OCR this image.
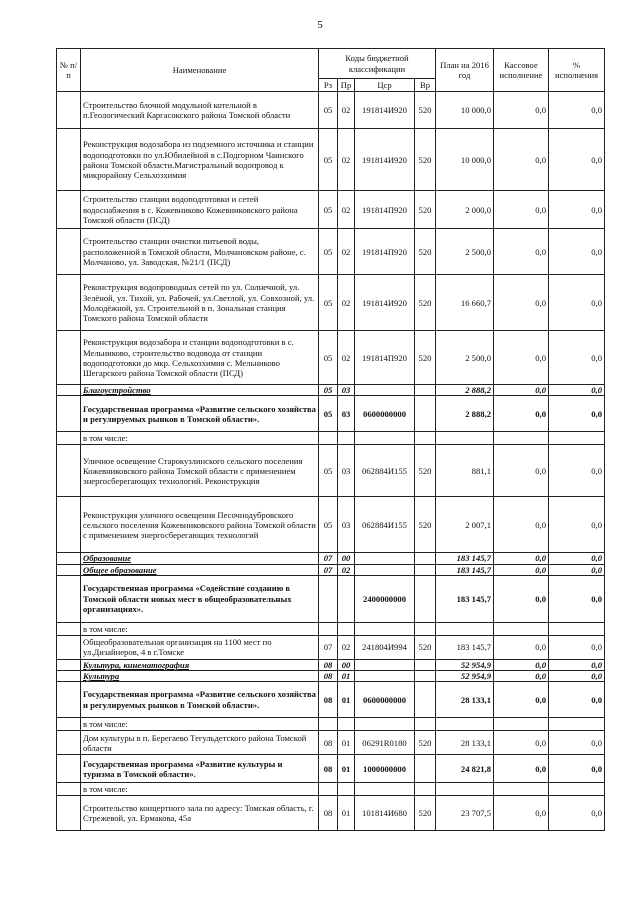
5
№ п/п	Наименование	Коды бюджетной классификации				План на 2016 год	Кассовое исполнение	% исполнения
		Рз	Пр	Цср	Вр			
	Строительство блочной модульной котельной в п.Геологический Каргасокского района Томской области	05	02	191814И920	520	10 000,0	0,0	0,0
	Реконструкция водозабора из подземного источника и станции водоподготовки по ул.Юбилейной в с.Подгорном Чаинского района Томской области.Магистральный водопровод к микрорайону Сельхозхимия	05	02	191814И920	520	10 000,0	0,0	0,0
	Строительство станции водоподготовки и сетей водоснабжения в с. Кожевниково Кожевниковского района Томской области (ПСД)	05	02	191814П920	520	2 000,0	0,0	0,0
	Строительство станции очистки питьевой воды, расположенной в Томской области, Молчановском районе, с. Молчаново, ул. Заводская, №21/1 (ПСД)	05	02	191814П920	520	2 500,0	0,0	0,0
	Реконструкция водопроводных сетей по ул. Солнечной, ул. Зелёной, ул. Тихой, ул. Рабочей, ул.Светлой, ул. Совхозной, ул. Молодёжной, ул. Строительной в п. Зональная станция Томского района Томской области	05	02	191814И920	520	16 660,7	0,0	0,0
	Реконструкция водозабора и станции водоподготовки в с. Мельниково, строительство водовода от станции водоподготовки до мкр. Сельхозхимия с. Мельниково Шегарского района Томской области (ПСД)	05	02	191814П920	520	2 500,0	0,0	0,0
	Благоустройство	05	03			2 888,2	0,0	0,0
	Государственная программа «Развитие сельского хозяйства и регулируемых рынков в Томской области».	05	03	0600000000		2 888,2	0,0	0,0
	в том числе:							
	Уличное освещение Старокузлинского сельского поселения Кожевниковского района Томской области с применением энергосберегающих технологий. Реконструкция	05	03	062884И155	520	881,1	0,0	0,0
	Реконструкция уличного освещения Песочнодубровского сельского поселения Кожевниковского района Томской области с применением энергосберегающих технологий	05	03	062884И155	520	2 007,1	0,0	0,0
	Образование	07	00			183 145,7	0,0	0,0
	Общее образование	07	02			183 145,7	0,0	0,0
	Государственная программа «Содействие созданию в Томской области новых мест в общеобразовательных организациях».			2400000000		183 145,7	0,0	0,0
	в том числе:							
	Общеобразовательная организация на 1100 мест по ул.Дизайнеров, 4 в г.Томске	07	02	241804И994	520	183 145,7	0,0	0,0
	Культура, кинематография	08	00			52 954,9	0,0	0,0
	Культура	08	01			52 954,9	0,0	0,0
	Государственная программа «Развитие сельского хозяйства и регулируемых рынков в Томской области».	08	01	0600000000		28 133,1	0,0	0,0
	в том числе:							
	Дом культуры в п. Берегаево Тегульдетского района Томской области	08	01	06291R0180	520	28 133,1	0,0	0,0
	Государственная программа «Развитие культуры и туризма в Томской области».	08	01	1000000000		24 821,8	0,0	0,0
	в том числе:							
	Строительство концертного зала по адресу: Томская область, г. Стрежевой, ул. Ермакова, 45а	08	01	101814И680	520	23 707,5	0,0	0,0
